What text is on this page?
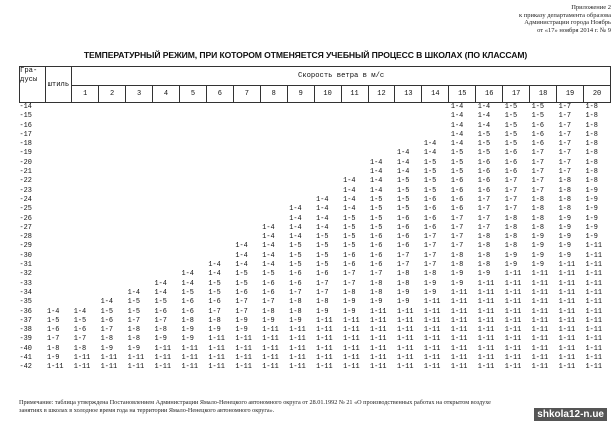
Приложение 2
к приказу департамента образова
Администрации города Ноябрь
от «17» ноября 2014 г. № 9
ТЕМПЕРАТУРНЫЙ РЕЖИМ, ПРИ КОТОРОМ ОТМЕНЯЕТСЯ УЧЕБНЫЙ ПРОЦЕСС В ШКОЛАХ (ПО КЛАССАМ)
Гра-
дусы	штиль	Скорость ветра в м/с																			
		1	2	3	4	5	6	7	8	9	10	11	12	13	14	15	16	17	18	19	20
-14																1-4	1-4	1-5	1-5	1-7	1-8
-15																1-4	1-4	1-5	1-5	1-7	1-8
-16																1-4	1-4	1-5	1-6	1-7	1-8
-17																1-4	1-5	1-5	1-6	1-7	1-8
-18															1-4	1-4	1-5	1-5	1-6	1-7	1-8
-19														1-4	1-4	1-5	1-5	1-6	1-7	1-7	1-8
-20													1-4	1-4	1-5	1-5	1-6	1-6	1-7	1-7	1-8
-21													1-4	1-4	1-5	1-5	1-6	1-6	1-7	1-7	1-8
-22												1-4	1-4	1-5	1-5	1-6	1-6	1-7	1-7	1-8	1-8
-23												1-4	1-4	1-5	1-5	1-6	1-6	1-7	1-7	1-8	1-9
-24											1-4	1-4	1-5	1-5	1-6	1-6	1-7	1-7	1-8	1-8	1-9
-25										1-4	1-4	1-4	1-5	1-5	1-6	1-6	1-7	1-7	1-8	1-8	1-9
-26										1-4	1-4	1-5	1-5	1-6	1-6	1-7	1-7	1-8	1-8	1-9	1-9
-27									1-4	1-4	1-4	1-5	1-5	1-6	1-6	1-7	1-7	1-8	1-8	1-9	1-9
-28									1-4	1-4	1-5	1-5	1-6	1-6	1-7	1-7	1-8	1-8	1-9	1-9	1-9
-29								1-4	1-4	1-5	1-5	1-5	1-6	1-6	1-7	1-7	1-8	1-8	1-9	1-9	1-11
-30								1-4	1-4	1-5	1-5	1-6	1-6	1-7	1-7	1-8	1-8	1-9	1-9	1-9	1-11
-31							1-4	1-4	1-4	1-5	1-5	1-6	1-6	1-7	1-7	1-8	1-8	1-9	1-9	1-11	1-11
-32						1-4	1-4	1-5	1-5	1-6	1-6	1-7	1-7	1-8	1-8	1-9	1-9	1-11	1-11	1-11	1-11
-33					1-4	1-4	1-5	1-5	1-6	1-6	1-7	1-7	1-8	1-8	1-9	1-9	1-11	1-11	1-11	1-11	1-11
-34				1-4	1-4	1-5	1-5	1-6	1-6	1-7	1-7	1-8	1-8	1-9	1-9	1-11	1-11	1-11	1-11	1-11	1-11
-35			1-4	1-5	1-5	1-6	1-6	1-7	1-7	1-8	1-8	1-9	1-9	1-9	1-11	1-11	1-11	1-11	1-11	1-11	1-11
-36	1-4	1-4	1-5	1-5	1-6	1-6	1-7	1-7	1-8	1-8	1-9	1-9	1-11	1-11	1-11	1-11	1-11	1-11	1-11	1-11	1-11
-37	1-5	1-5	1-6	1-7	1-7	1-8	1-8	1-9	1-9	1-9	1-11	1-11	1-11	1-11	1-11	1-11	1-11	1-11	1-11	1-11	1-11
-38	1-6	1-6	1-7	1-8	1-8	1-9	1-9	1-9	1-11	1-11	1-11	1-11	1-11	1-11	1-11	1-11	1-11	1-11	1-11	1-11	1-11
-39	1-7	1-7	1-8	1-8	1-9	1-9	1-11	1-11	1-11	1-11	1-11	1-11	1-11	1-11	1-11	1-11	1-11	1-11	1-11	1-11	1-11
-40	1-8	1-8	1-9	1-9	1-11	1-11	1-11	1-11	1-11	1-11	1-11	1-11	1-11	1-11	1-11	1-11	1-11	1-11	1-11	1-11	1-11
-41	1-9	1-11	1-11	1-11	1-11	1-11	1-11	1-11	1-11	1-11	1-11	1-11	1-11	1-11	1-11	1-11	1-11	1-11	1-11	1-11	1-11
-42	1-11	1-11	1-11	1-11	1-11	1-11	1-11	1-11	1-11	1-11	1-11	1-11	1-11	1-11	1-11	1-11	1-11	1-11	1-11	1-11	1-11
Примечание: таблица утверждена Постановлением Администрации Ямало-Ненецкого автономного округа от 28.01.1992 № 21 «О производственных работах на открытом воздухе
занятиях в школах в холодное время года на территории Ямало-Ненецкого автономного округа».	shkola12-n.ue
